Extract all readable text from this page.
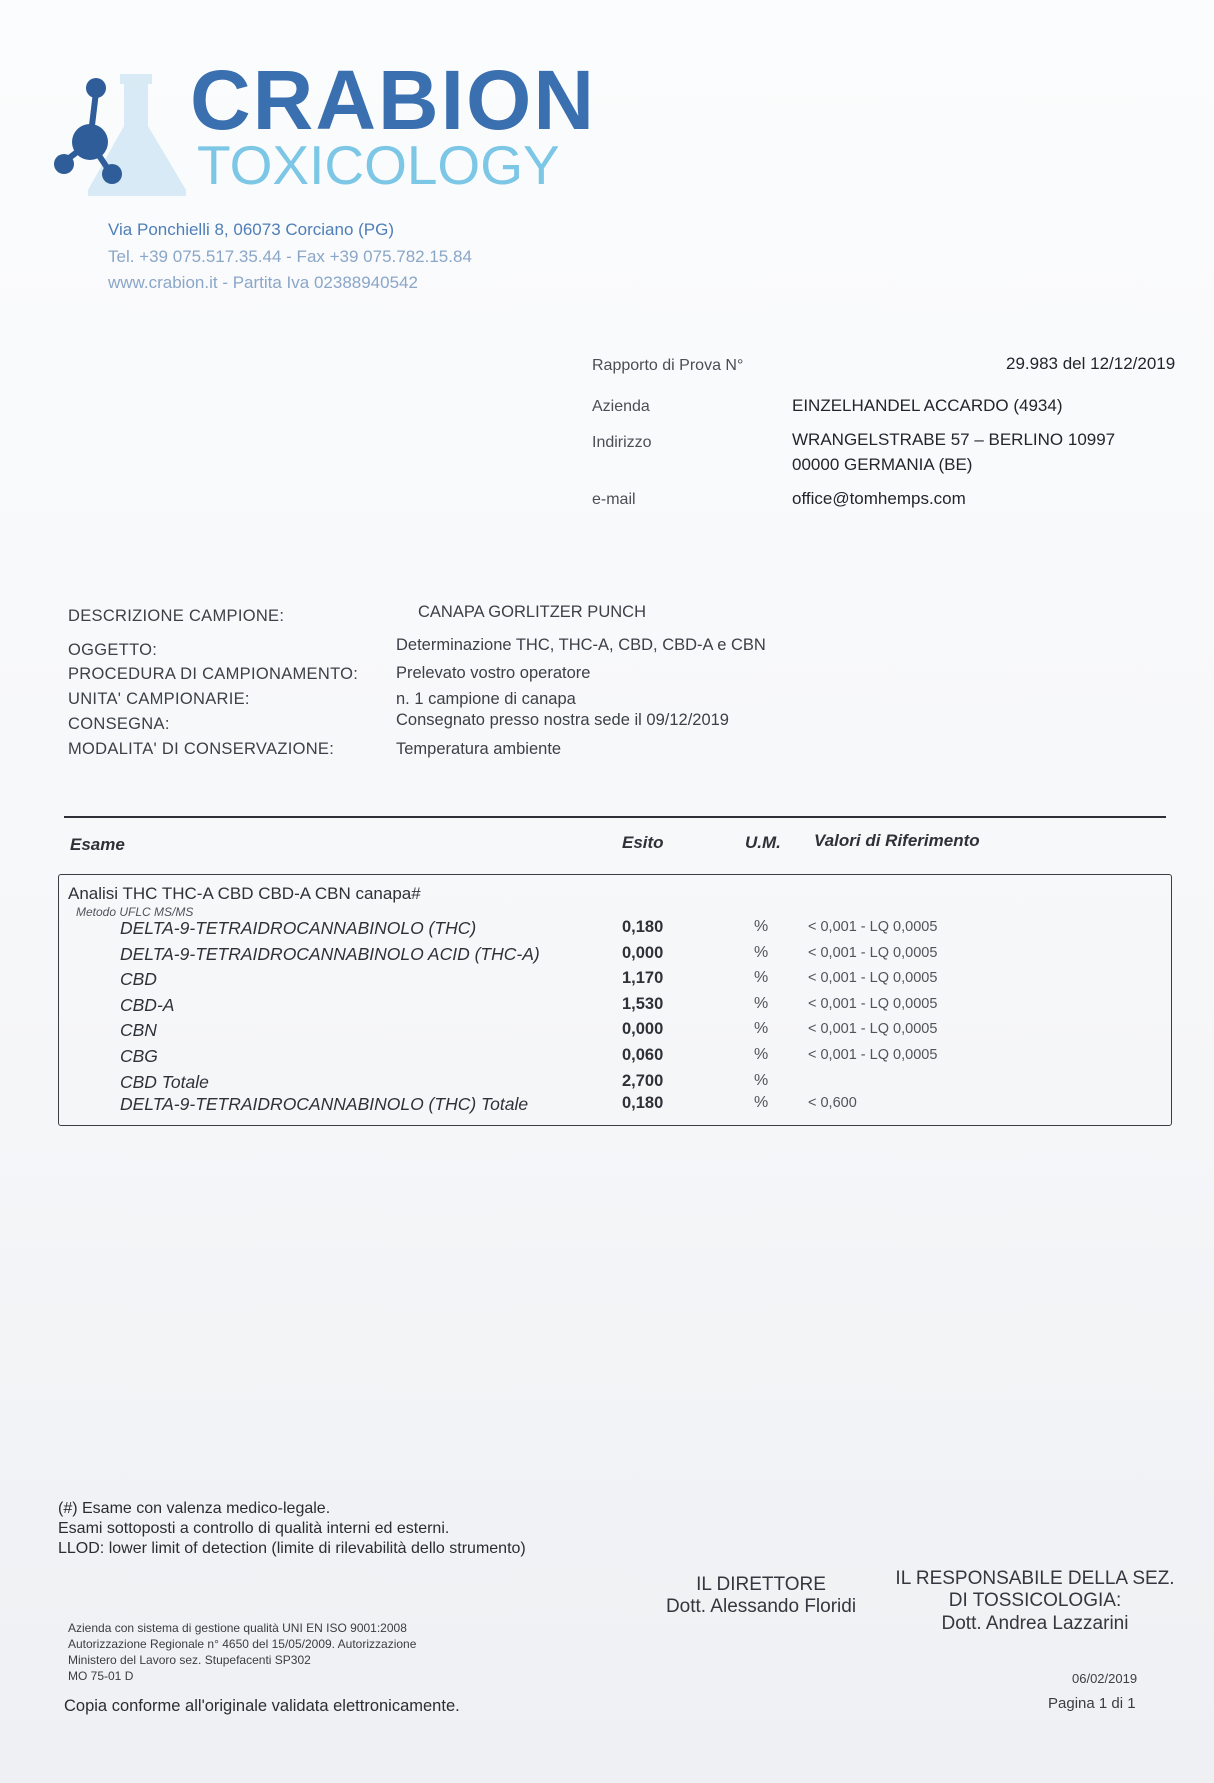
CRABION
TOXICOLOGY
Via Ponchielli 8, 06073 Corciano (PG)
Tel. +39 075.517.35.44 - Fax +39 075.782.15.84
www.crabion.it - Partita Iva 02388940542
Rapporto di Prova N°	29.983 del 12/12/2019
Azienda	EINZELHANDEL ACCARDO (4934)
Indirizzo	WRANGELSTRABE 57 – BERLINO 10997
00000 GERMANIA (BE)
e-mail	office@tomhemps.com
DESCRIZIONE CAMPIONE:	CANAPA GORLITZER PUNCH
OGGETTO:	Determinazione THC, THC-A, CBD, CBD-A e CBN
PROCEDURA DI CAMPIONAMENTO: Prelevato vostro operatore
UNITA' CAMPIONARIE:	n. 1 campione di canapa
CONSEGNA:	Consegnato presso nostra sede il 09/12/2019
MODALITA' DI CONSERVAZIONE:	Temperatura ambiente
Esame	Esito	U.M. Valori di Riferimento
Analisi THC THC-A CBD CBD-A CBN canapa#
Metodo UFLC MS/MS
DELTA-9-TETRAIDROCANNABINOLO (THC)	0,180	%	< 0,001 - LQ 0,0005
DELTA-9-TETRAIDROCANNABINOLO ACID (THC-A)	0,000	%	< 0,001 - LQ 0,0005
CBD	1,170	%	< 0,001 - LQ 0,0005
CBD-A	1,530	%	< 0,001 - LQ 0,0005
CBN	0,000	%	< 0,001 - LQ 0,0005
CBG	0,060	%	< 0,001 - LQ 0,0005
CBD Totale	2,700	%
DELTA-9-TETRAIDROCANNABINOLO (THC) Totale	0,180	%	< 0,600
(#) Esame con valenza medico-legale.
Esami sottoposti a controllo di qualità interni ed esterni.
LLOD: lower limit of detection (limite di rilevabilità dello strumento)
IL DIRETTORE
Dott. Alessando Floridi
IL RESPONSABILE DELLA SEZ.
DI TOSSICOLOGIA:
Dott. Andrea Lazzarini
Azienda con sistema di gestione qualità UNI EN ISO 9001:2008
Autorizzazione Regionale n° 4650 del 15/05/2009. Autorizzazione
Ministero del Lavoro sez. Stupefacenti SP302
MO 75-01 D
Copia conforme all'originale validata elettronicamente.
06/02/2019
Pagina 1 di 1
